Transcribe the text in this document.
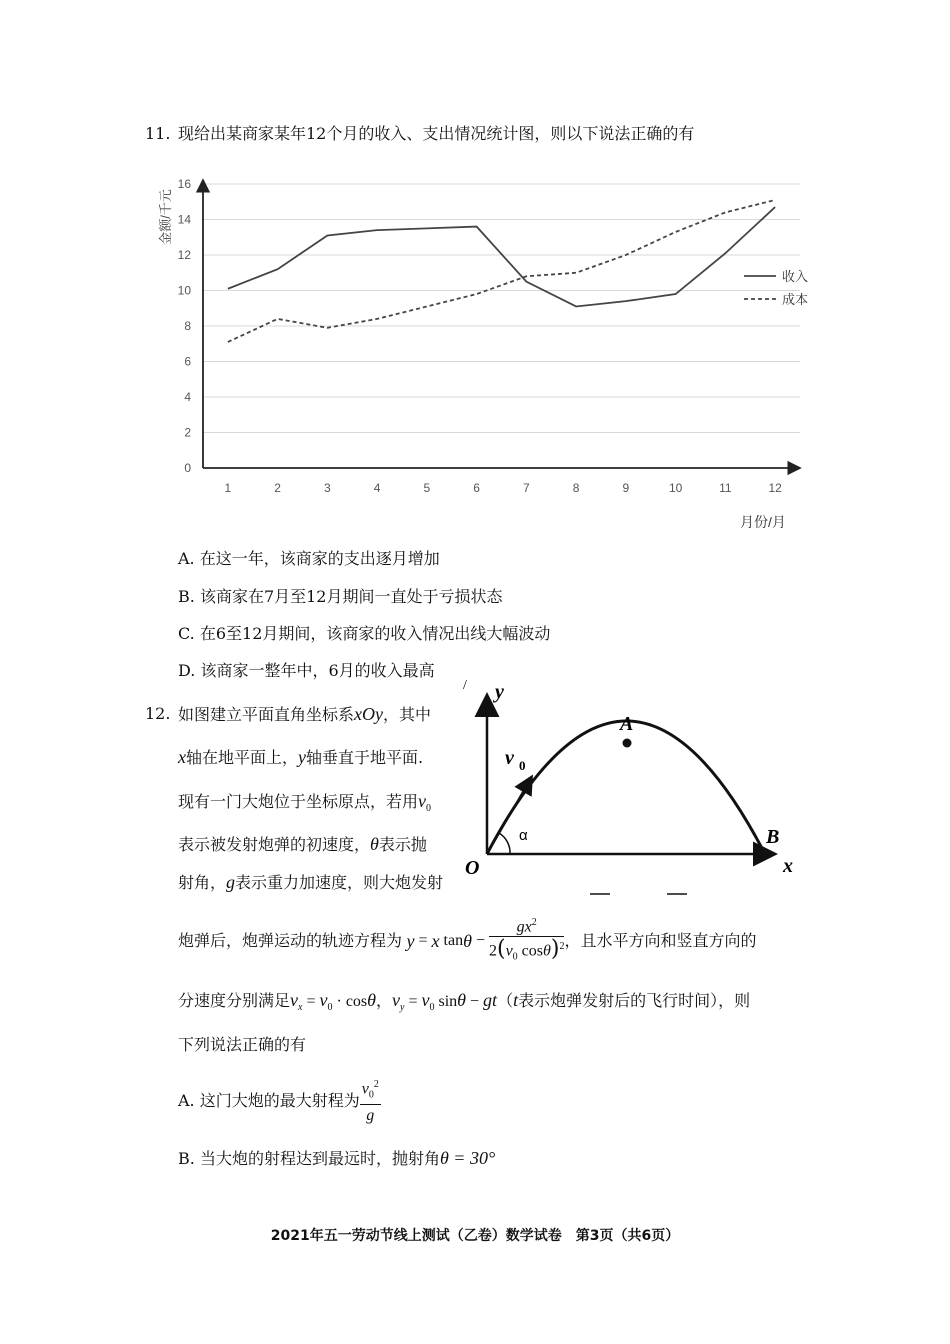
11. 现给出某商家某年12个月的收入、支出情况统计图，则以下说法正确的有
0
2
4
6
8
10
12
14
16
1	2	3	4	5	6	7	8	9	10	11	12
收入
成本
金额/千元
月份/月
A. 在这一年，该商家的支出逐月增加
B. 该商家在7月至12月期间一直处于亏损状态
C. 在6至12月期间，该商家的收入情况出线大幅波动
D. 该商家一整年中，6月的收入最高
12. 如图建立平面直角坐标系xOy，其中
x轴在地平面上，y轴垂直于地平面.
现有一门大炮位于坐标原点，若用$v_0$
表示被发射炮弹的初速度，θ表示抛
射角，g表示重力加速度，则大炮发射
/ y
x
O
A
B
v 0
α
炮弹后，炮弹运动的轨迹方程为 y = x $\tan \theta - \frac{gx^2}{2(v_0 \cos\theta)^2}$ ，且水平方向和竖直方向的
分速度分别满足$v_x = v_0 \cdot \cos\theta$，$v_y = v_0$ sinθ − gt（t表示炮弹发射后的飞行时间），则
下列说法正确的有
A.
这门大炮的最大射程为 $\frac{v_0^2}{g}$
B. 当大炮的射程达到最远时，抛射角θ = 30°
2021年五一劳动节线上测试（乙卷）数学试卷　第3页（共6页）
